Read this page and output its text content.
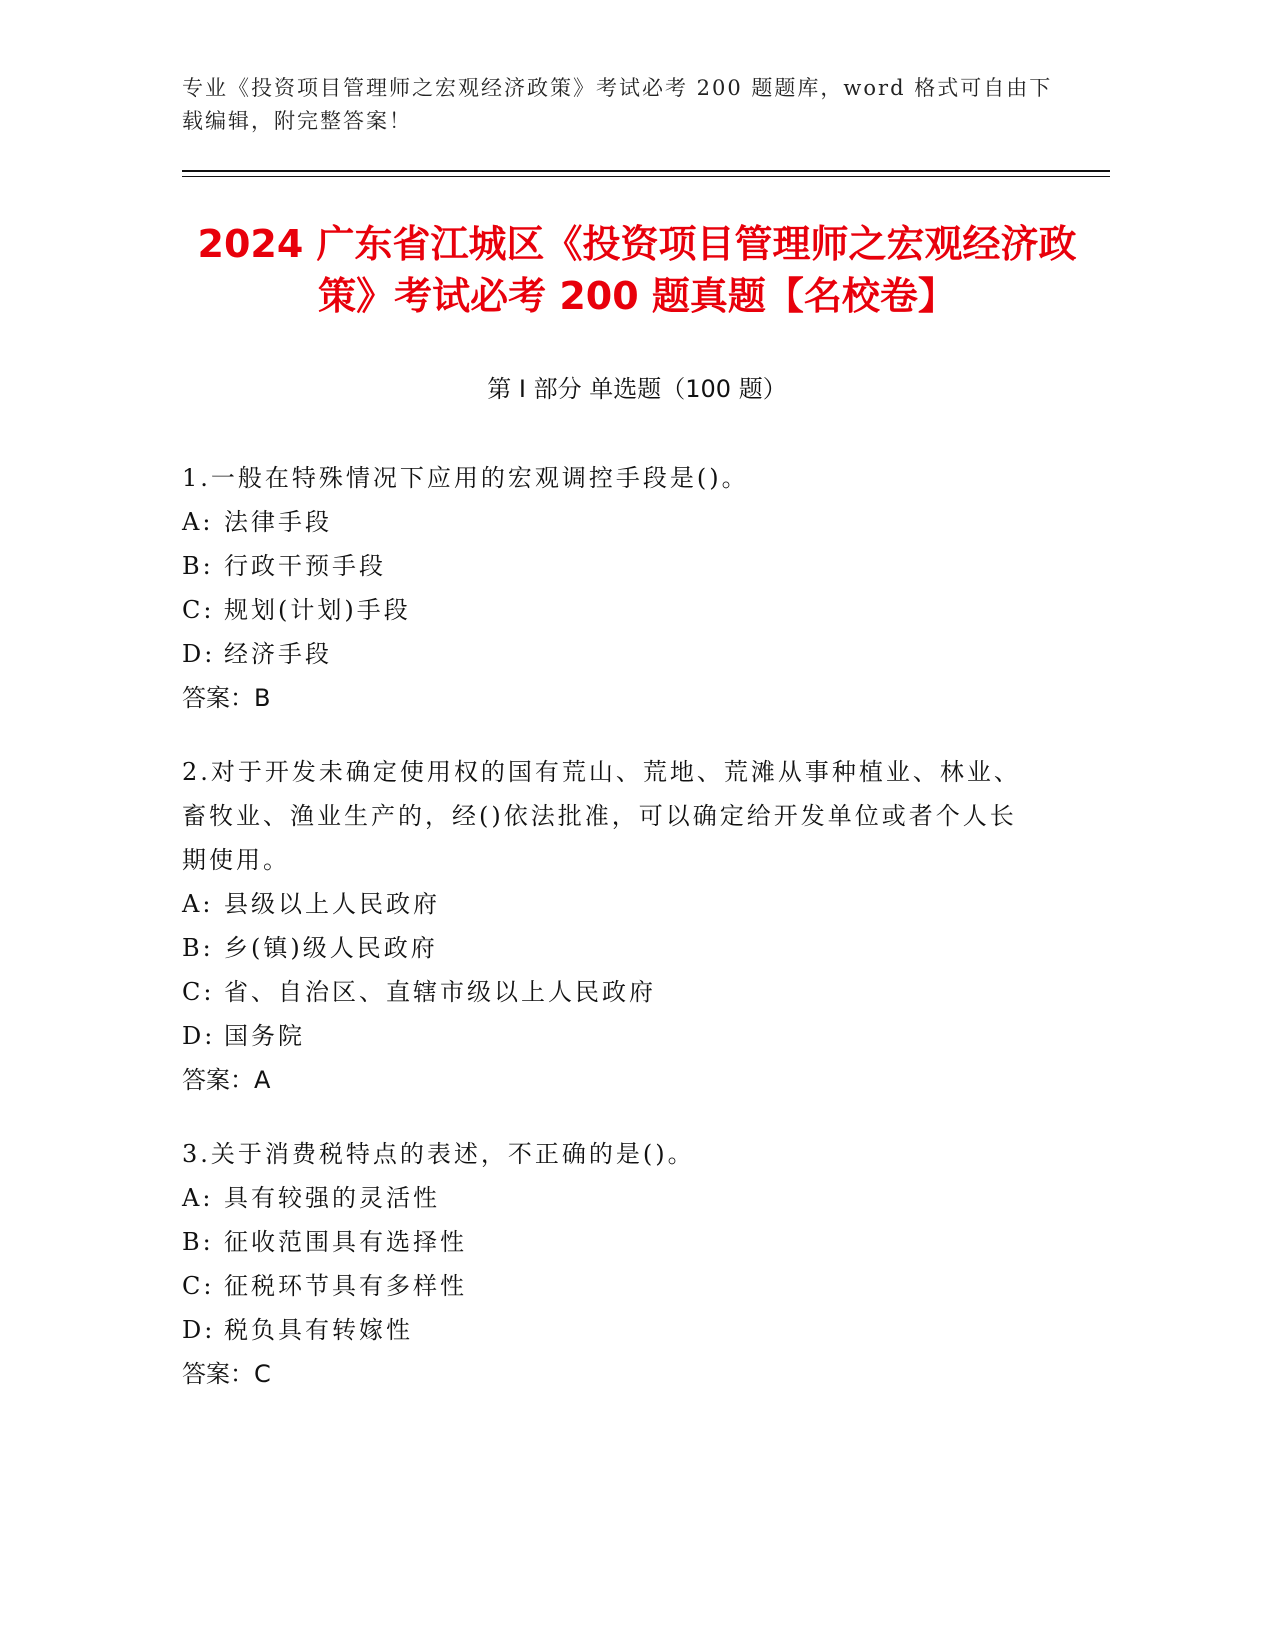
专业《投资项目管理师之宏观经济政策》考试必考 200 题题库，word 格式可自由下载编辑，附完整答案！
2024 广东省江城区《投资项目管理师之宏观经济政策》考试必考 200 题真题【名校卷】
第 I 部分 单选题（100 题）
1.一般在特殊情况下应用的宏观调控手段是()。
A: 法律手段
B: 行政干预手段
C: 规划(计划)手段
D: 经济手段
答案：B
2.对于开发未确定使用权的国有荒山、荒地、荒滩从事种植业、林业、畜牧业、渔业生产的，经()依法批准，可以确定给开发单位或者个人长期使用。
A: 县级以上人民政府
B: 乡(镇)级人民政府
C: 省、自治区、直辖市级以上人民政府
D: 国务院
答案：A
3.关于消费税特点的表述，不正确的是()。
A: 具有较强的灵活性
B: 征收范围具有选择性
C: 征税环节具有多样性
D: 税负具有转嫁性
答案：C
